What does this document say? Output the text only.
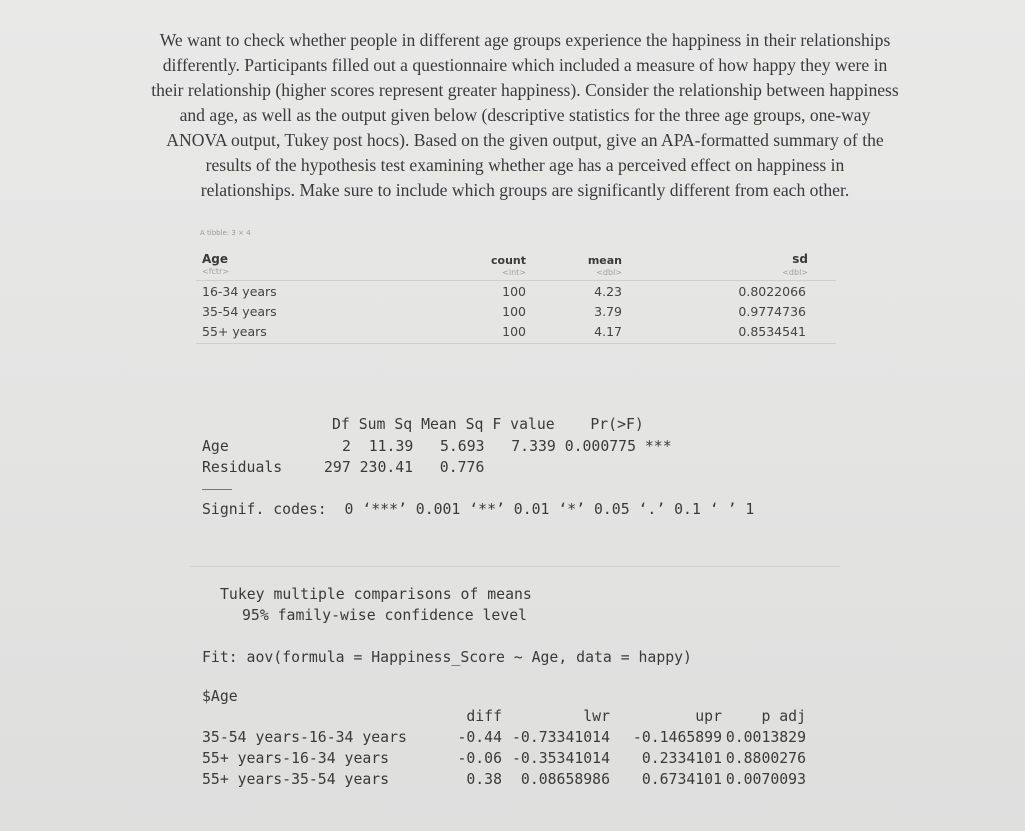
We want to check whether people in different age groups experience the happiness in their relationships
differently. Participants filled out a questionnaire which included a measure of how happy they were in
their relationship (higher scores represent greater happiness). Consider the relationship between happiness
and age, as well as the output given below (descriptive statistics for the three age groups, one-way
ANOVA output, Tukey post hocs). Based on the given output, give an APA-formatted summary of the
results of the hypothesis test examining whether age has a perceived effect on happiness in
relationships. Make sure to include which groups are significantly different from each other.
A tibble: 3 × 4
Age	count	mean	sd
<fctr>	<int>	<dbl>	<dbl>
16-34 years	100	4.23	0.8022066
35-54 years	100	3.79	0.9774736
55+ years	100	4.17	0.8534541
Df Sum Sq Mean Sq F value    Pr(>F)
Age	2  11.39   5.693   7.339 0.000775 ***
Residuals	297 230.41   0.776
Signif. codes:  0 ‘***’ 0.001 ‘**’ 0.01 ‘*’ 0.05 ‘.’ 0.1 ‘ ’ 1
Tukey multiple comparisons of means
95% family-wise confidence level
Fit: aov(formula = Happiness_Score ~ Age, data = happy)
$Age
diff	lwr	upr	p adj
35-54 years-16-34 years	-0.44 -0.73341014	-0.1465899 0.0013829
55+ years-16-34 years	-0.06 -0.35341014	0.2334101 0.8800276
55+ years-35-54 years	0.38	0.08658986	0.6734101 0.0070093
